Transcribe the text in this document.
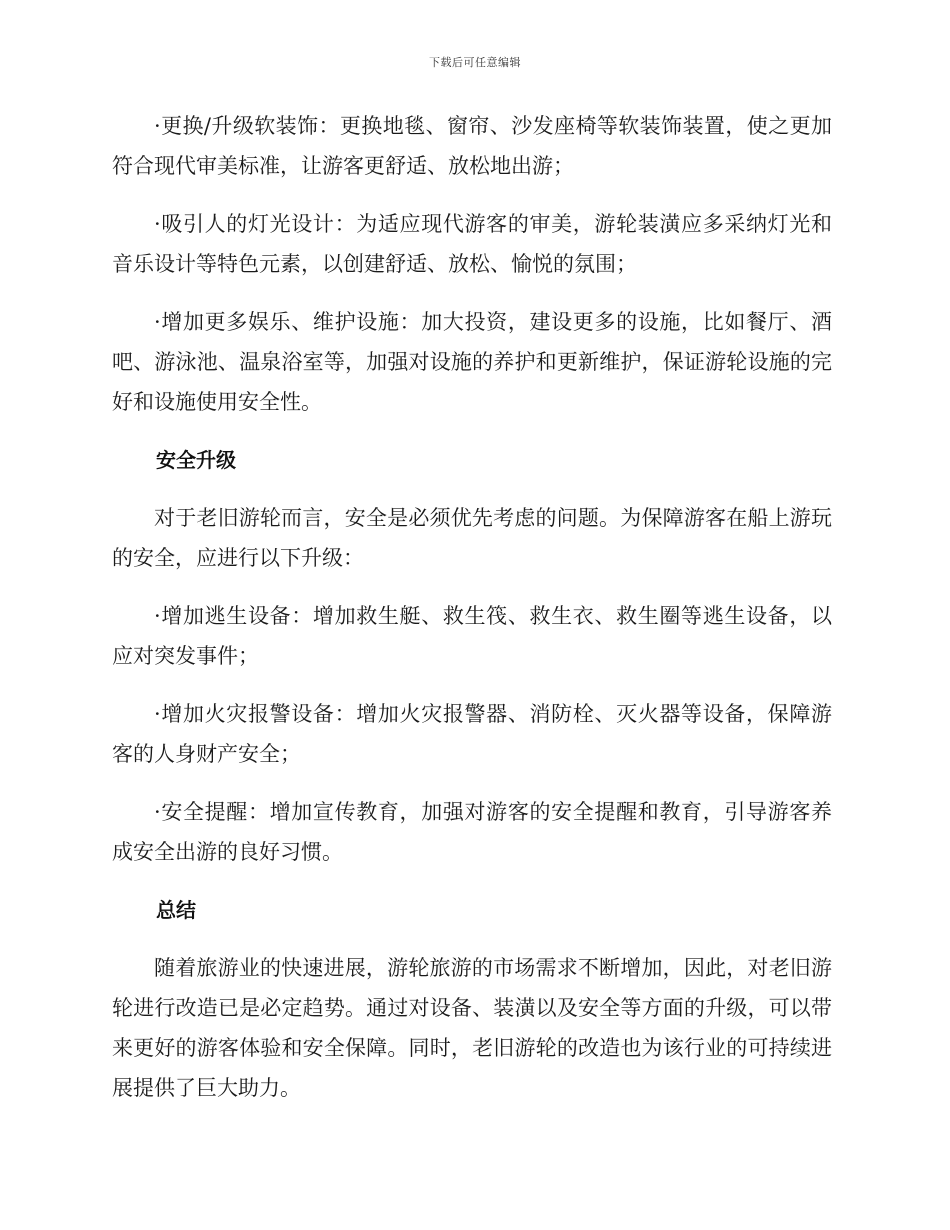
下载后可任意编辑

·更换/升级软装饰：更换地毯、窗帘、沙发座椅等软装饰装置，使之更加符合现代审美标准，让游客更舒适、放松地出游；

·吸引人的灯光设计：为适应现代游客的审美，游轮装潢应多采纳灯光和音乐设计等特色元素，以创建舒适、放松、愉悦的氛围；

·增加更多娱乐、维护设施：加大投资，建设更多的设施，比如餐厅、酒吧、游泳池、温泉浴室等，加强对设施的养护和更新维护，保证游轮设施的完好和设施使用安全性。

安全升级

对于老旧游轮而言，安全是必须优先考虑的问题。为保障游客在船上游玩的安全，应进行以下升级：

·增加逃生设备：增加救生艇、救生筏、救生衣、救生圈等逃生设备，以应对突发事件；

·增加火灾报警设备：增加火灾报警器、消防栓、灭火器等设备，保障游客的人身财产安全；

·安全提醒：增加宣传教育，加强对游客的安全提醒和教育，引导游客养成安全出游的良好习惯。

总结

随着旅游业的快速进展，游轮旅游的市场需求不断增加，因此，对老旧游轮进行改造已是必定趋势。通过对设备、装潢以及安全等方面的升级，可以带来更好的游客体验和安全保障。同时，老旧游轮的改造也为该行业的可持续进展提供了巨大助力。
